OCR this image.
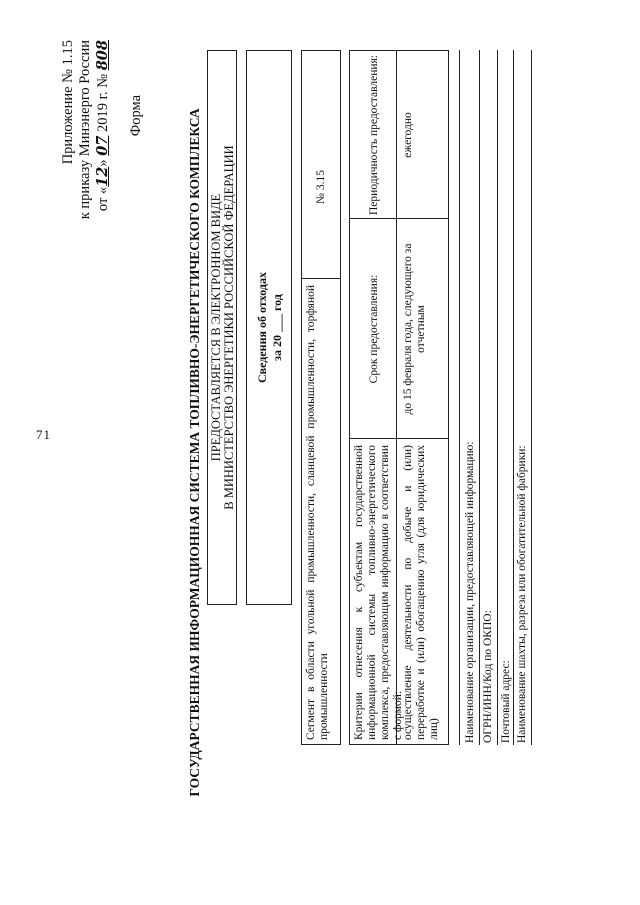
71
Приложение № 1.15 к приказу Минэнерго России от «12» 07 2019 г. № 808
Форма	ГОСУДАРСТВЕННАЯ ИНФОРМАЦИОННАЯ СИСТЕМА ТОПЛИВНО-ЭНЕРГЕТИЧЕСКОГО КОМПЛЕКСА ПРЕДОСТАВЛЯЕТСЯ В ЭЛЕКТРОННОМ ВИДЕ В МИНИСТЕРСТВО ЭНЕРГЕТИКИ РОССИЙСКОЙ ФЕДЕРАЦИИ Сведения об отходах за 20 ___ год Сегмент в области угольной промышленности, сланцевой промышленности, торфяной промышленности
№ 3.15
Критерии отнесения к субъектам государственной информационной системы топливно-энергетического комплекса, предоставляющим информацию в соответствии с формой:
Срок предоставления:
Периодичность предоставления:
осуществление деятельности по добыче и (или) переработке и (или) обогащению угля (для юридических лиц)
до 15 февраля года, следующего за отчетным
ежегодно
Наименование организации, предоставляющей информацию: ОГРН/ИНН/Код по ОКПО: Почтовый адрес: Наименование шахты, разреза или обогатительной фабрики:
